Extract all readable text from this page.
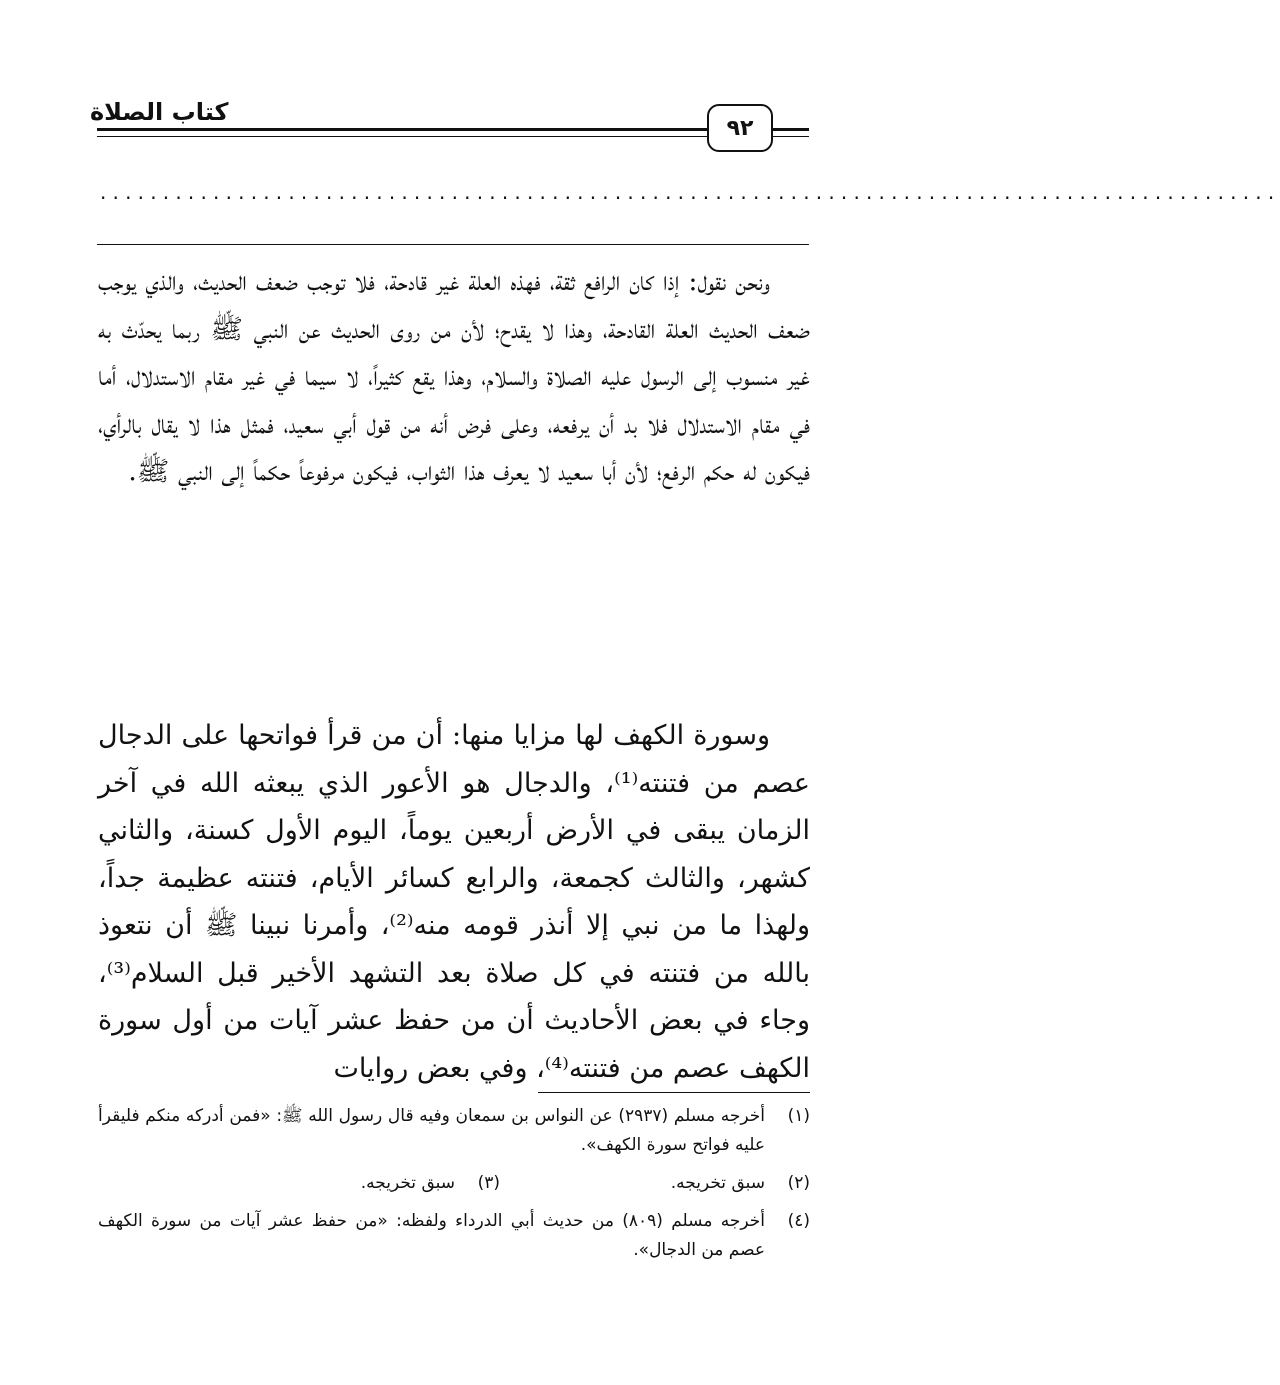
كتاب الصلاة
٩٢
..............................................................................................

ونحن نقول: إذا كان الرافع ثقة، فهذه العلة غير قادحة، فلا توجب ضعف الحديث، والذي يوجب ضعف الحديث العلة القادحة، وهذا لا يقدح؛ لأن من روى الحديث عن النبي ﷺ ربما يحدّث به غير منسوب إلى الرسول عليه الصلاة والسلام، وهذا يقع كثيراً، لا سيما في غير مقام الاستدلال، أما في مقام الاستدلال فلا بد أن يرفعه، وعلى فرض أنه من قول أبي سعيد، فمثل هذا لا يقال بالرأي، فيكون له حكم الرفع؛ لأن أبا سعيد لا يعرف هذا الثواب، فيكون مرفوعاً حكماً إلى النبي ﷺ.

وسورة الكهف لها مزايا منها: أن من قرأ فواتحها على الدجال عصم من فتنته⁽¹⁾، والدجال هو الأعور الذي يبعثه الله في آخر الزمان يبقى في الأرض أربعين يوماً، اليوم الأول كسنة، والثاني كشهر، والثالث كجمعة، والرابع كسائر الأيام، فتنته عظيمة جداً، ولهذا ما من نبي إلا أنذر قومه منه⁽²⁾، وأمرنا نبينا ﷺ أن نتعوذ بالله من فتنته في كل صلاة بعد التشهد الأخير قبل السلام⁽³⁾، وجاء في بعض الأحاديث أن من حفظ عشر آيات من أول سورة الكهف عصم من فتنته⁽⁴⁾، وفي بعض روايات

(١)
أخرجه مسلم (٢٩٣٧) عن النواس بن سمعان وفيه قال رسول الله ﷺ: «فمن أدركه منكم فليقرأ عليه فواتح سورة الكهف».
(٢)
سبق تخريجه.
(٣)
سبق تخريجه.
(٤)
أخرجه مسلم (٨٠٩) من حديث أبي الدرداء ولفظه: «من حفظ عشر آيات من سورة الكهف عصم من الدجال».
